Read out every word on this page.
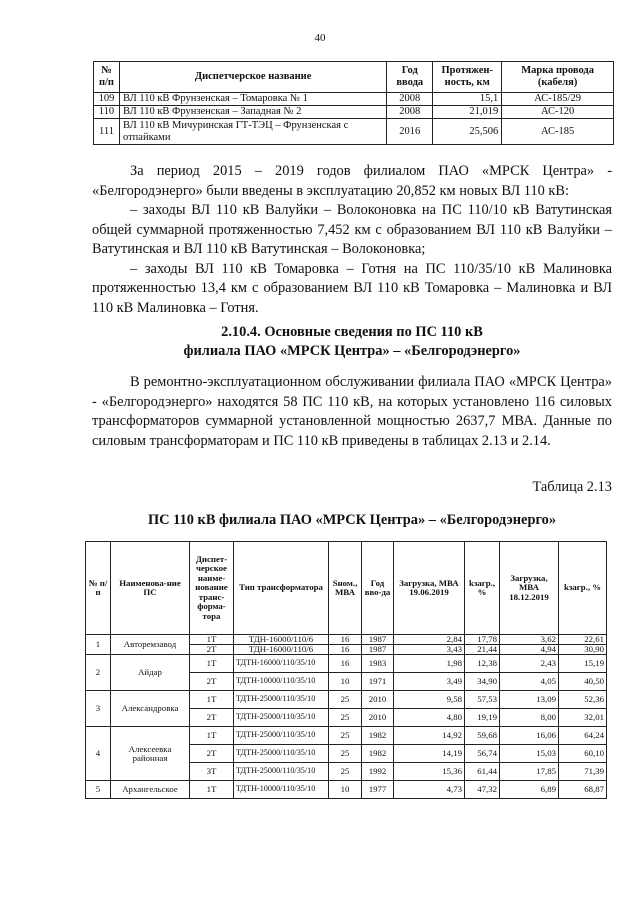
40
№ п/п	Диспетчерское название	Год ввода	Протяжен-ность, км	Марка провода (кабеля)
109	ВЛ 110 кВ Фрунзенская – Томаровка № 1	2008	15,1	АС-185/29
110	ВЛ 110 кВ Фрунзенская – Западная № 2	2008	21,019	АС-120
111	ВЛ 110 кВ Мичуринская ГТ-ТЭЦ – Фрунзенская с отпайками	2016	25,506	АС-185

За период 2015 – 2019 годов филиалом ПАО «МРСК Центра» - «Белгородэнерго» были введены в эксплуатацию 20,852 км новых ВЛ 110 кВ:

– заходы ВЛ 110 кВ Валуйки – Волоконовка на ПС 110/10 кВ Ватутинская общей суммарной протяженностью 7,452 км с образованием ВЛ 110 кВ Валуйки – Ватутинская и ВЛ 110 кВ Ватутинская – Волоконовка;

– заходы ВЛ 110 кВ Томаровка – Готня на ПС 110/35/10 кВ Малиновка протяженностью 13,4 км с образованием ВЛ 110 кВ Томаровка – Малиновка и ВЛ 110 кВ Малиновка – Готня.

2.10.4. Основные сведения по ПС 110 кВ
филиала ПАО «МРСК Центра» – «Белгородэнерго»

В ремонтно-эксплуатационном обслуживании филиала ПАО «МРСК Центра» - «Белгородэнерго» находятся 58 ПС 110 кВ, на которых установлено 116 силовых трансформаторов суммарной установленной мощностью 2637,7 МВА. Данные по силовым трансформаторам и ПС 110 кВ приведены в таблицах 2.13 и 2.14.

Таблица 2.13
ПС 110 кВ филиала ПАО «МРСК Центра» – «Белгородэнерго»
№ п/п	Наименова-ние ПС	Диспет-черское наиме-нование транс-форма-тора	Тип трансформатора	Sном., МВА	Год вво-да	Загрузка, МВА 19.06.2019	kзагр., %	Загрузка, МВА 18.12.2019	kзагр., %
1	Авторемзавод	1Т	ТДН-16000/110/6	16	1987	2,84	17,78	3,62	22,61
		2Т	ТДН-16000/110/6	16	1987	3,43	21,44	4,94	30,90
2	Айдар	1Т	ТДТН-16000/110/35/10	16	1983	1,98	12,38	2,43	15,19
		2Т	ТДТН-10000/110/35/10	10	1971	3,49	34,90	4,05	40,50
3	Александровка	1Т	ТДТН-25000/110/35/10	25	2010	9,58	57,53	13,09	52,36
		2Т	ТДТН-25000/110/35/10	25	2010	4,80	19,19	8,00	32,01
4	Алексеевка районная	1Т	ТДТН-25000/110/35/10	25	1982	14,92	59,68	16,06	64,24
		2Т	ТДТН-25000/110/35/10	25	1982	14,19	56,74	15,03	60,10
		3Т	ТДТН-25000/110/35/10	25	1992	15,36	61,44	17,85	71,39
5	Архангельское	1Т	ТДТН-10000/110/35/10	10	1977	4,73	47,32	6,89	68,87
